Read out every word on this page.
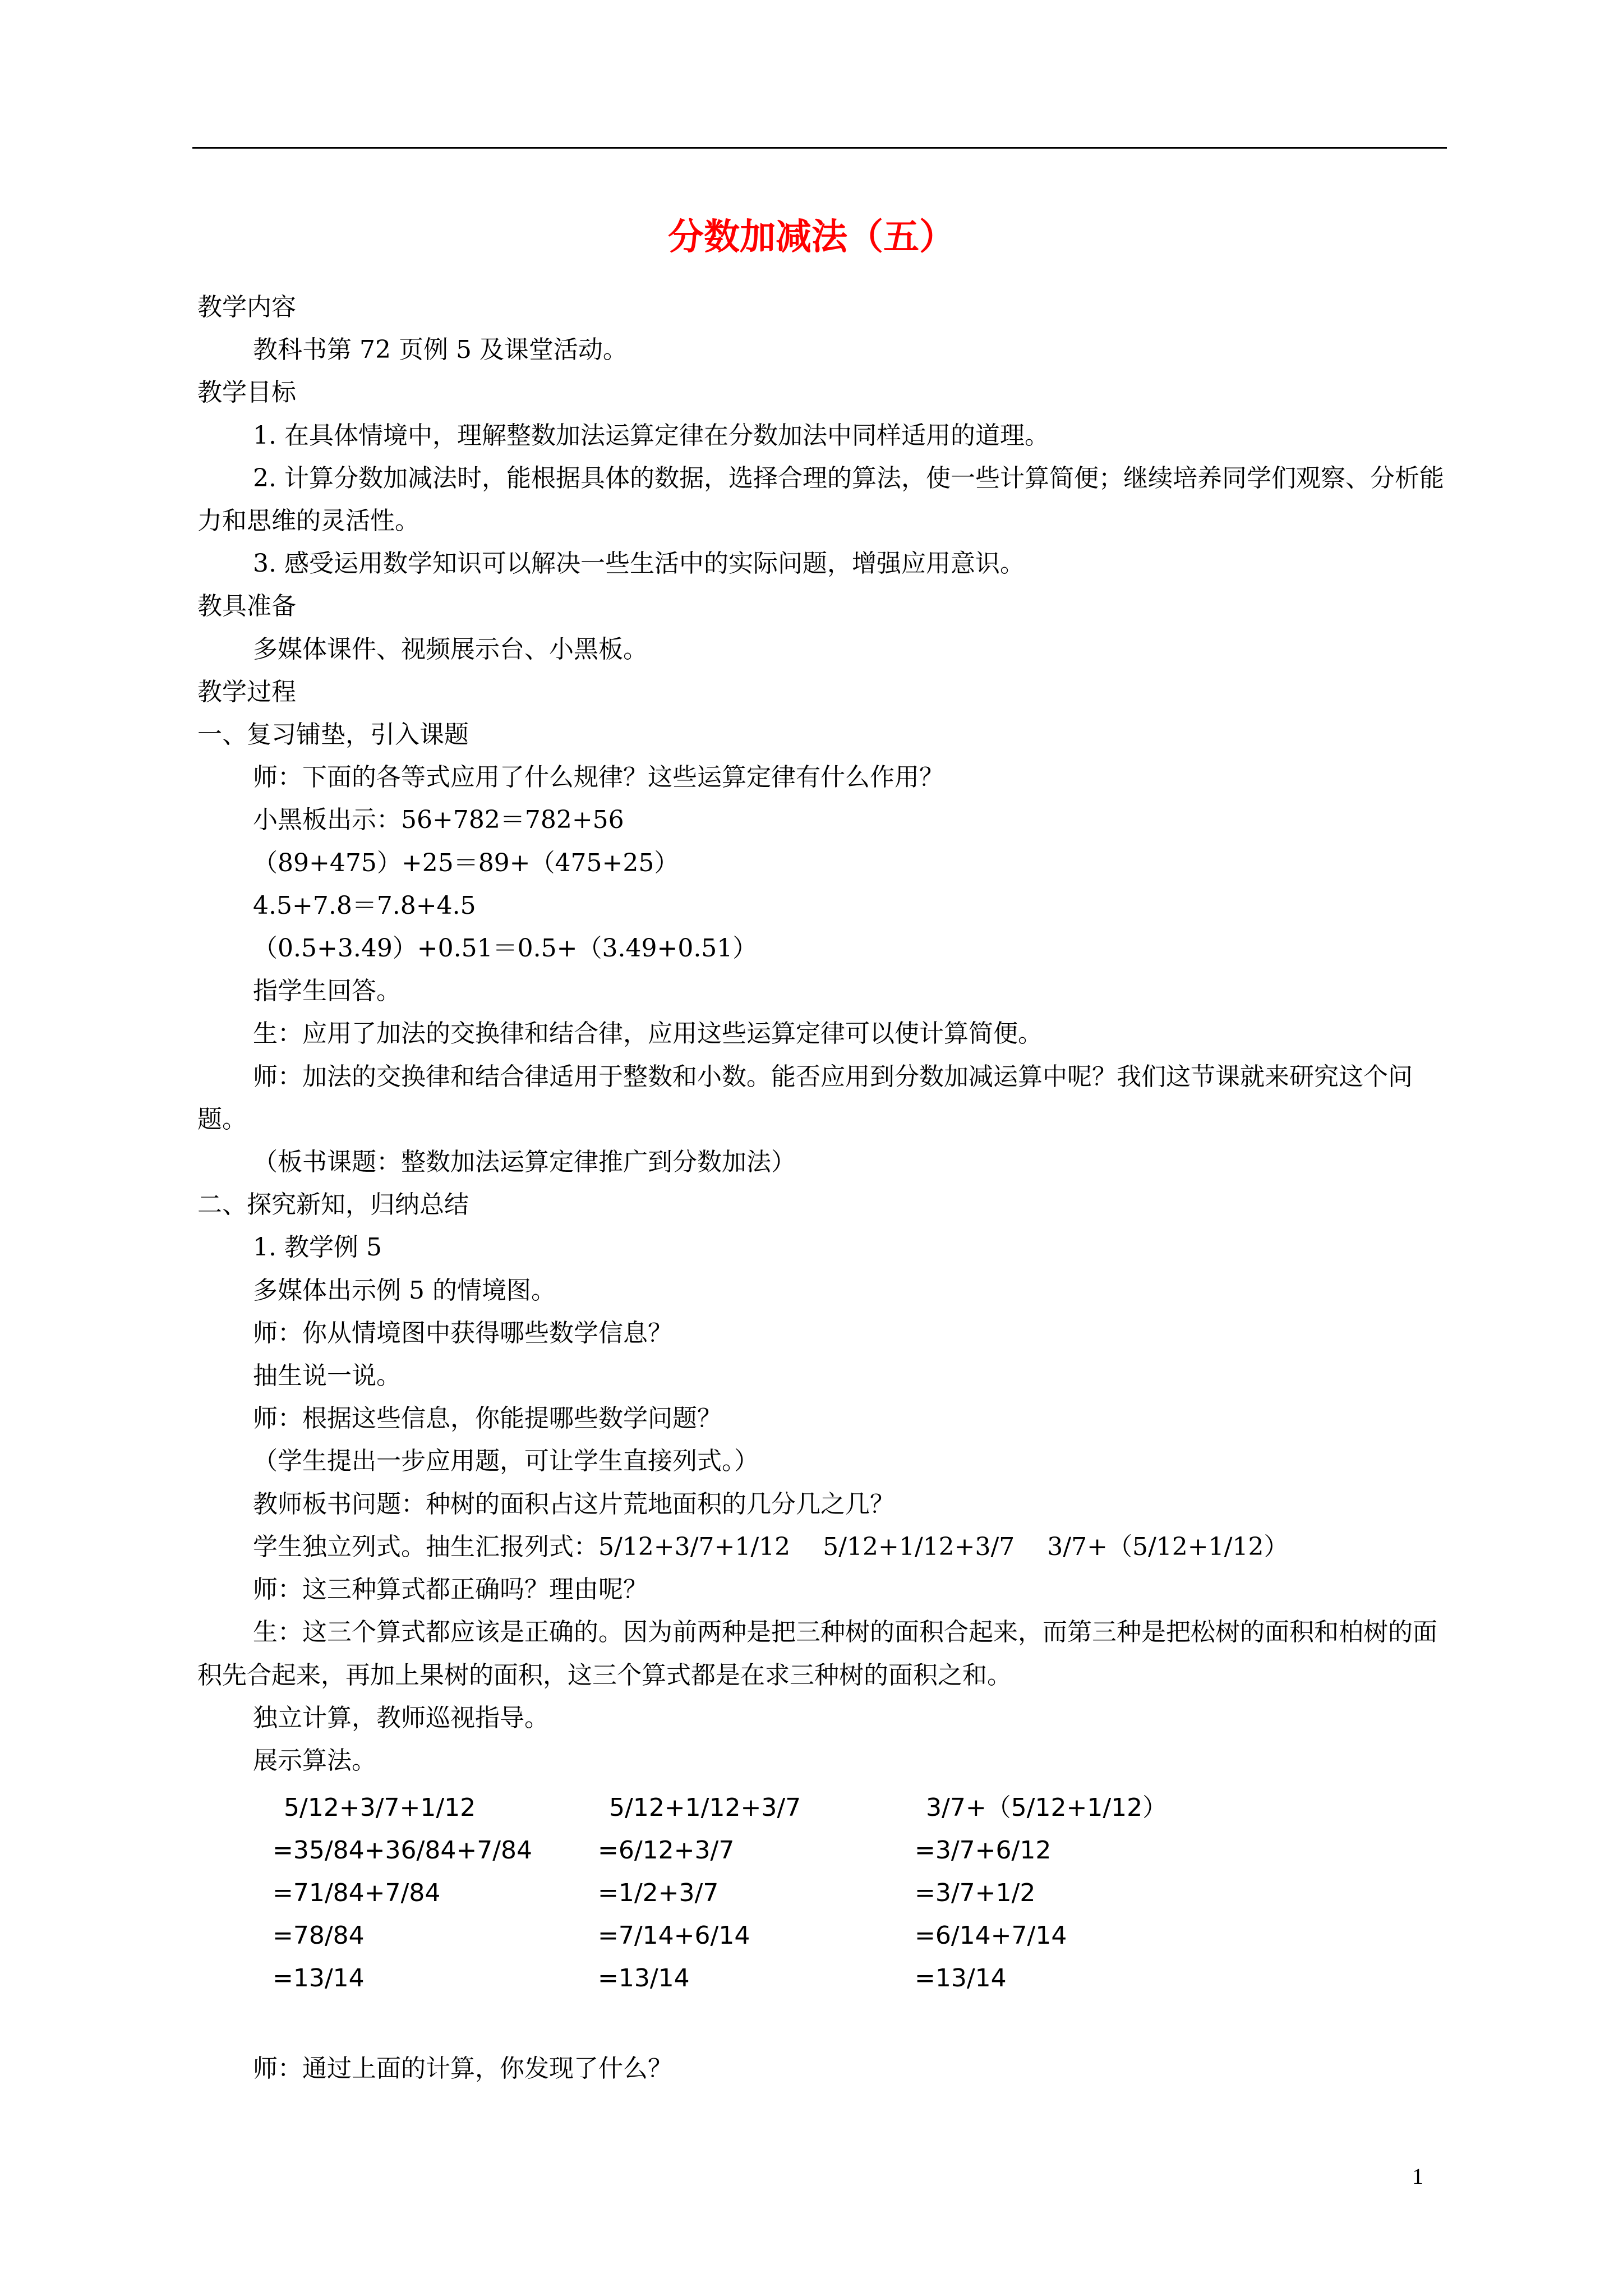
分数加减法（五）

教学内容

教科书第 72 页例 5 及课堂活动。

教学目标

1. 在具体情境中，理解整数加法运算定律在分数加法中同样适用的道理。

2. 计算分数加减法时，能根据具体的数据，选择合理的算法，使一些计算简便；继续培养同学们观察、分析能力和思维的灵活性。

3. 感受运用数学知识可以解决一些生活中的实际问题，增强应用意识。

教具准备

多媒体课件、视频展示台、小黑板。

教学过程

一、复习铺垫，引入课题

师：下面的各等式应用了什么规律？这些运算定律有什么作用？

小黑板出示：56+782＝782+56

（89+475）+25＝89+（475+25）

4.5+7.8＝7.8+4.5

（0.5+3.49）+0.51＝0.5+（3.49+0.51）

指学生回答。

生：应用了加法的交换律和结合律，应用这些运算定律可以使计算简便。

师：加法的交换律和结合律适用于整数和小数。能否应用到分数加减运算中呢？我们这节课就来研究这个问题。

（板书课题：整数加法运算定律推广到分数加法）

二、探究新知，归纳总结

1. 教学例 5

多媒体出示例 5 的情境图。

师：你从情境图中获得哪些数学信息？

抽生说一说。

师：根据这些信息，你能提哪些数学问题？

（学生提出一步应用题，可让学生直接列式。）

教师板书问题：种树的面积占这片荒地面积的几分几之几？

学生独立列式。抽生汇报列式：5/12+3/7+1/12　 5/12+1/12+3/7　 3/7+（5/12+1/12）

师：这三种算式都正确吗？理由呢？

生：这三个算式都应该是正确的。因为前两种是把三种树的面积合起来，而第三种是把松树的面积和柏树的面积先合起来，再加上果树的面积，这三个算式都是在求三种树的面积之和。

独立计算，教师巡视指导。

展示算法。

5/12+3/7+1/12
=35/84+36/84+7/84
=71/84+7/84
=78/84
=13/14
5/12+1/12+3/7
=6/12+3/7
=1/2+3/7
=7/14+6/14
=13/14
3/7+（5/12+1/12）
=3/7+6/12
=3/7+1/2
=6/14+7/14
=13/14
师：通过上面的计算，你发现了什么？
1
